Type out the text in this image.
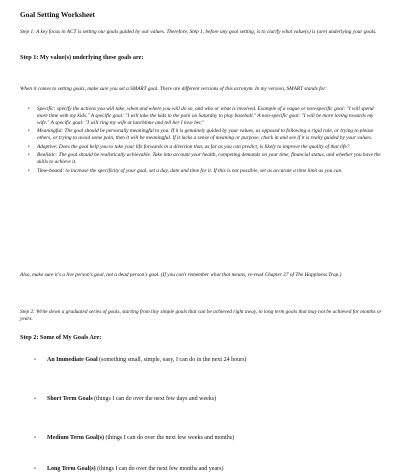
Goal Setting Worksheet
Step 1: A key focus in ACT is setting our goals guided by our values. Therefore, Step 1, before any goal setting, is to clarify what value(s) is (are) underlying your goals.
Step 1: My value(s) underlying these goals are:
When it comes to setting goals, make sure you set a SMART goal. There are different versions of this acronym. In my version, SMART stands for:
• Specific: specify the actions you will take, when and where you will do so, and who or what is involved. Example of a vague or non-specific goal: "I will spend more time with my kids." A specific goal: "I will take the kids to the park on Saturday to play baseball." A non-specific goal: "I will be more loving towards my wife." A specific goal: "I will ring my wife at lunchtime and tell her I love her."
• Meaningful: The goal should be personally meaningful to you. If it is genuinely guided by your values, as opposed to following a rigid rule, or trying to please others, or trying to avoid some pain, then it will be meaningful. If it lacks a sense of meaning or purpose, check in and see if it is really guided by your values.
• Adaptive: Does the goal help you to take your life forwards in a direction that, as far as you can predict, is likely to improve the quality of that life?
• Realistic: The goal should be realistically achievable. Take into account your health, competing demands on your time, financial status, and whether you have the skills to achieve it.
• Time-bound: to increase the specificity of your goal, set a day, date and time for it. If this is not possible, set as accurate a time limit as you can.
Also, make sure it's a live person's goal, not a dead person's goal. (If you can't remember what that means, re-read Chapter 27 of The Happiness Trap.)
Step 2: Write down a graduated series of goals, starting from tiny simple goals that can be achieved right away, to long term goals that may not be achieved for months or years.
Step 2: Some of My Goals Are:
• An Immediate Goal (something small, simple, easy, I can do in the next 24 hours)
• Short Term Goals (things I can do over the next few days and weeks)
• Medium Term Goal(s) (things I can do over the next few weeks and months)
• Long Term Goal(s) (things I can do over the next few months and years)
